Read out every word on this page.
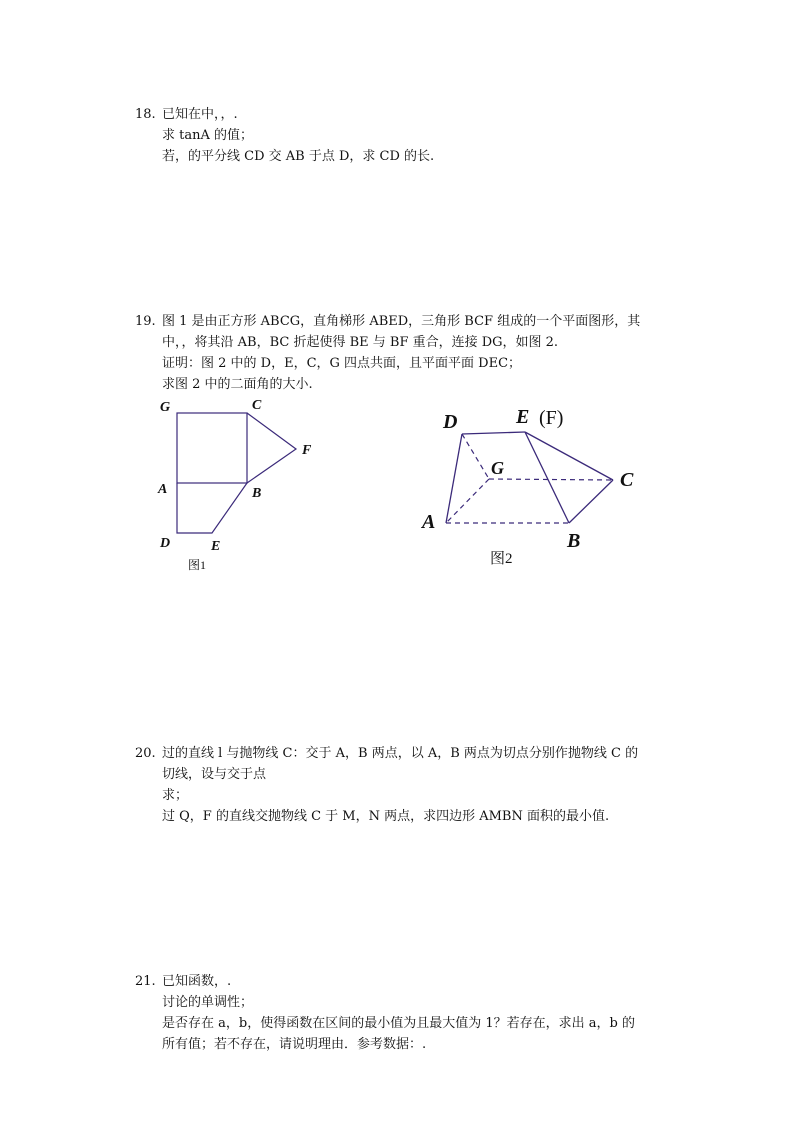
18. 已知在中，，.
求 tanA 的值；
若，的平分线 CD 交 AB 于点 D，求 CD 的长.
19. 图 1 是由正方形 ABCG，直角梯形 ABED，三角形 BCF 组成的一个平面图形，其
中，，将其沿 AB，BC 折起使得 BE 与 BF 重合，连接 DG，如图 2.
证明：图 2 中的 D，E，C，G 四点共面，且平面平面 DEC；
求图 2 中的二面角的大小.
G	C
F
A	B
D	E
图1
D	E
G
C
A
B
(F)
图2
20. 过的直线 l 与抛物线 C：交于 A，B 两点，以 A，B 两点为切点分别作抛物线 C 的
切线，设与交于点
求；
过 Q，F 的直线交抛物线 C 于 M，N 两点，求四边形 AMBN 面积的最小值.
21. 已知函数，.
讨论的单调性；
是否存在 a，b，使得函数在区间的最小值为且最大值为 1？若存在，求出 a，b 的
所有值；若不存在，请说明理由．参考数据：.
